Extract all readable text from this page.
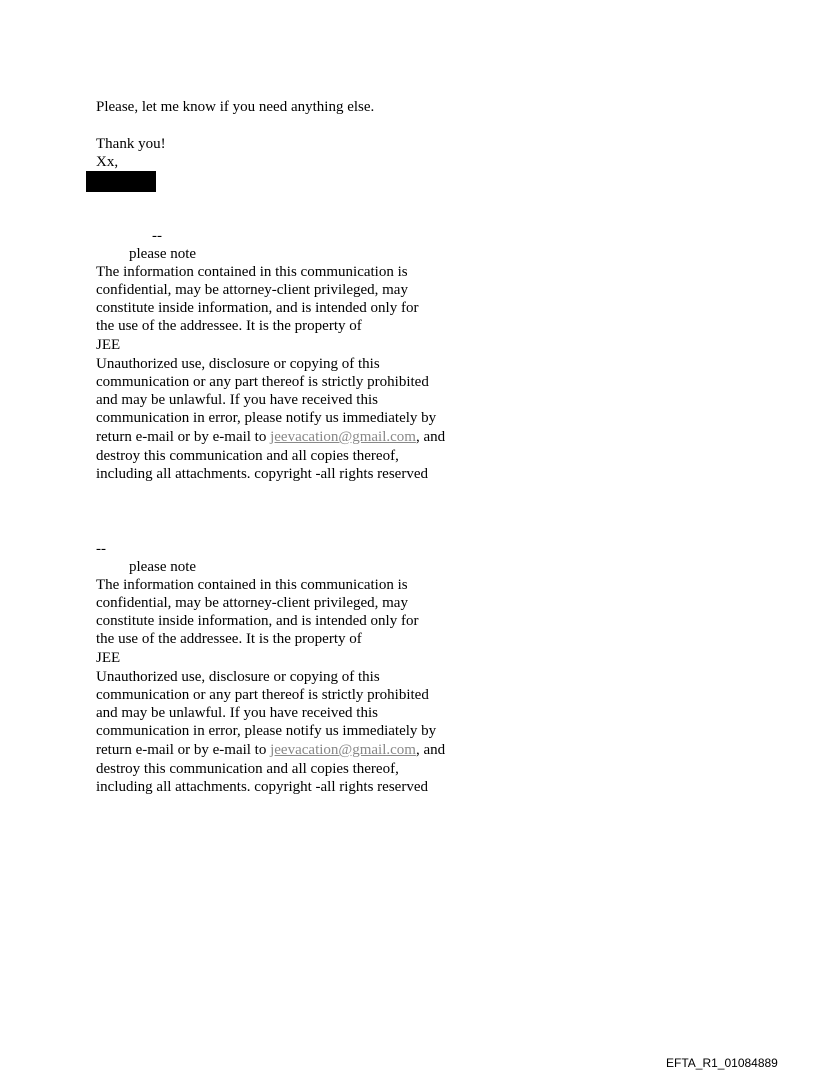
Please, let me know if you need anything else.
Thank you!
Xx,
--
please note
The information contained in this communication is
confidential, may be attorney-client privileged, may
constitute inside information, and is intended only for
the use of the addressee. It is the property of
JEE
Unauthorized use, disclosure or copying of this
communication or any part thereof is strictly prohibited
and may be unlawful. If you have received this
communication in error, please notify us immediately by
return e-mail or by e-mail to jeevacation@gmail.com, and
destroy this communication and all copies thereof,
including all attachments. copyright -all rights reserved
--
please note
The information contained in this communication is
confidential, may be attorney-client privileged, may
constitute inside information, and is intended only for
the use of the addressee. It is the property of
JEE
Unauthorized use, disclosure or copying of this
communication or any part thereof is strictly prohibited
and may be unlawful. If you have received this
communication in error, please notify us immediately by
return e-mail or by e-mail to jeevacation@gmail.com, and
destroy this communication and all copies thereof,
including all attachments. copyright -all rights reserved
EFTA_R1_01084889
